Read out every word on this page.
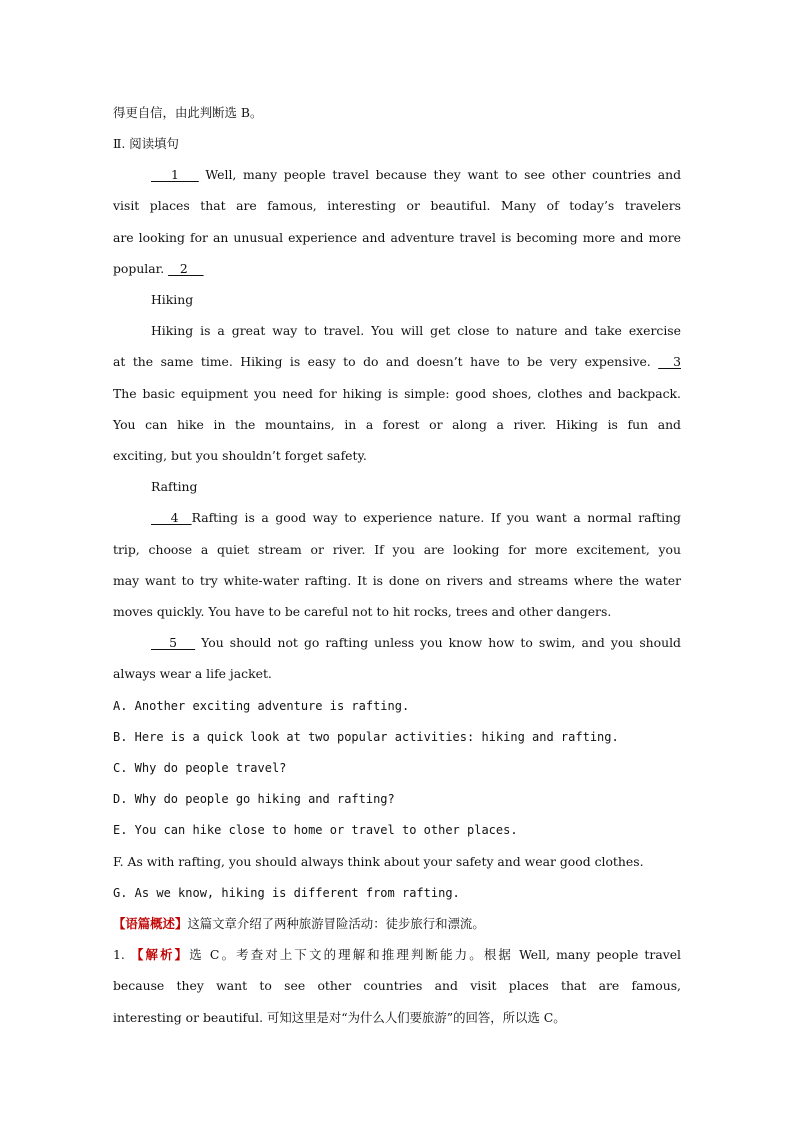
得更自信，由此判断选 B。
Ⅱ. 阅读填句
1    Well, many people travel because they want to see other countries and
visit places that are famous, interesting or beautiful. Many of today’s travelers
are looking for an unusual experience and adventure travel is becoming more and more
popular.    2
Hiking
Hiking is a great way to travel. You will get close to nature and take exercise
at the same time. Hiking is easy to do and doesn’t have to be very expensive.   3
The basic equipment you need for hiking is simple: good shoes, clothes and backpack.
You can hike in the mountains, in a forest or along a river. Hiking is fun and
exciting, but you shouldn’t forget safety.
Rafting
4  Rafting is a good way to experience nature. If you want a normal rafting
trip, choose a quiet stream or river. If you are looking for more excitement, you
may want to try white-water rafting. It is done on rivers and streams where the water
moves quickly. You have to be careful not to hit rocks, trees and other dangers.
5    You should not go rafting unless you know how to swim, and you should
always wear a life jacket.
A. Another exciting adventure is rafting.
B. Here is a quick look at two popular activities: hiking and rafting.
C. Why do people travel?
D. Why do people go hiking and rafting?
E. You can hike close to home or travel to other places.
F. As with rafting, you should always think about your safety and wear good clothes.
G. As we know, hiking is different from rafting.
【语篇概述】这篇文章介绍了两种旅游冒险活动：徒步旅行和漂流。
1. 【解析】选 C。考查对上下文的理解和推理判断能力。根据 Well, many people travel
because they want to see other countries and visit places that are famous,
interesting or beautiful. 可知这里是对“为什么人们要旅游”的回答，所以选 C。
